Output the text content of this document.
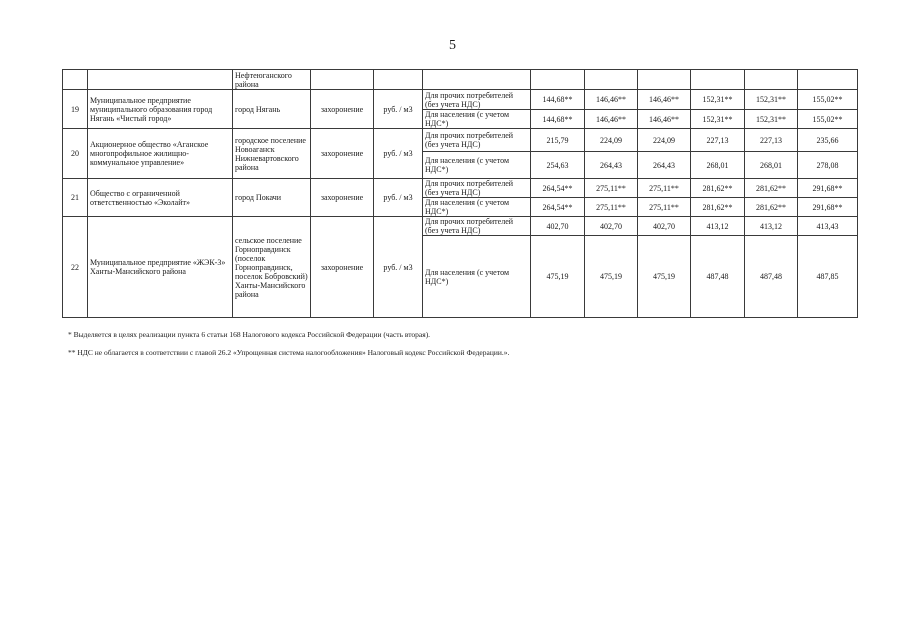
5
		Нефтеюганского района									
19	Муниципальное предприятие муниципального образования город Нягань «Чистый город»	город Нягань	захоронение	руб. / м3	Для прочих потребителей (без учета НДС)	144,68**	146,46**	146,46**	152,31**	152,31**	155,02**
					Для населения (с учетом НДС*)	144,68**	146,46**	146,46**	152,31**	152,31**	155,02**
20	Акционерное общество «Аганское многопрофильное жилищно-коммунальное управление»	городское поселение Новоаганск Нижневартовского района	захоронение	руб. / м3	Для прочих потребителей (без учета НДС)	215,79	224,09	224,09	227,13	227,13	235,66
					Для населения (с учетом НДС*)	254,63	264,43	264,43	268,01	268,01	278,08
21	Общество с ограниченной ответственностью «Эколайт»	город Покачи	захоронение	руб. / м3	Для прочих потребителей (без учета НДС)	264,54**	275,11**	275,11**	281,62**	281,62**	291,68**
					Для населения (с учетом НДС*)	264,54**	275,11**	275,11**	281,62**	281,62**	291,68**
22	Муниципальное предприятие «ЖЭК-3» Ханты-Мансийского района	сельское поселение Горноправдинск (поселок Горноправдинск, поселок Бобровский) Ханты-Мансийского района	захоронение	руб. / м3	Для прочих потребителей (без учета НДС)	402,70	402,70	402,70	413,12	413,12	413,43
					Для населения (с учетом НДС*)	475,19	475,19	475,19	487,48	487,48	487,85
* Выделяется в целях реализации пункта 6 статьи 168 Налогового кодекса Российской Федерации (часть вторая).
** НДС не облагается в соответствии с главой 26.2 «Упрощенная система налогообложения» Налоговый кодекс Российской Федерации.».
